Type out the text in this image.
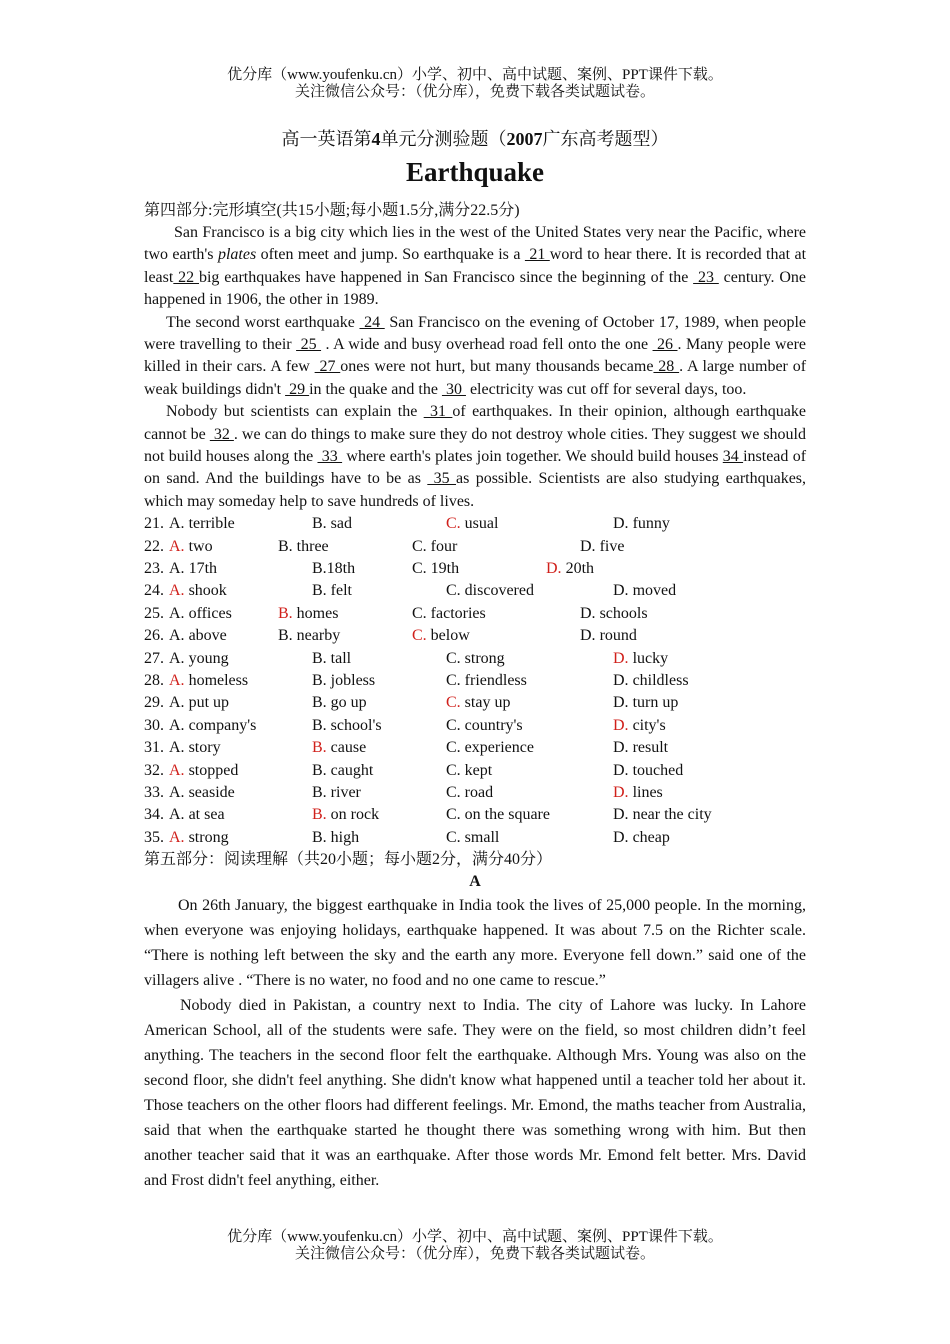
优分库（www.youfenku.cn）小学、初中、高中试题、案例、PPT课件下载。
关注微信公众号：（优分库），免费下载各类试题试卷。
高一英语第4单元分测验题（2007广东高考题型）
Earthquake
第四部分:完形填空(共15小题;每小题1.5分,满分22.5分)

San Francisco is a big city which lies in the west of the United States very near the Pacific, where two earth's plates often meet and jump. So earthquake is a  21 word to hear there. It is recorded that at least 22 big earthquakes have happened in San Francisco since the beginning of the  23  century. One happened in 1906, the other in 1989.

The second worst earthquake  24  San Francisco on the evening of October 17, 1989, when people were travelling to their  25  . A wide and busy overhead road fell onto the one  26 . Many people were killed in their cars. A few  27 ones were not hurt, but many thousands became 28 . A large number of weak buildings didn't  29 in the quake and the  30  electricity was cut off for several days, too.

Nobody but scientists can explain the  31 of earthquakes. In their opinion, although earthquake cannot be  32 . we can do things to make sure they do not destroy whole cities. They suggest we should not build houses along the  33  where earth's plates join together. We should build houses 34 instead of on sand. And the buildings have to be as  35 as possible. Scientists are also studying earthquakes, which may someday help to save hundreds of lives.

21. A. terrible	B. sad	C. usual	D. funny
22. A. two	B. three	C. four	D. five
23. A. 17th	B.18th	C. 19th	D. 20th
24. A. shook	B. felt	C. discovered	D. moved
25. A. offices	B. homes	C. factories	D. schools
26. A. above	B. nearby	C. below	D. round
27. A. young	B. tall	C. strong	D. lucky
28. A. homeless	B. jobless	C. friendless	D. childless
29. A. put up	B. go up	C. stay up	D. turn up
30. A. company's	B. school's	C. country's	D. city's
31. A. story	B. cause	C. experience	D. result
32. A. stopped	B. caught	C. kept	D. touched
33. A. seaside	B. river	C. road	D. lines
34. A. at sea	B. on rock	C. on the square	D. near the city
35. A. strong	B. high	C. small	D. cheap
第五部分：阅读理解（共20小题；每小题2分，满分40分）
A

On 26th January, the biggest earthquake in India took the lives of 25,000 people. In the morning, when everyone was enjoying holidays, earthquake happened. It was about 7.5 on the Richter scale. “There is nothing left between the sky and the earth any more. Everyone fell down.” said one of the villagers alive . “There is no water, no food and no one came to rescue.”

Nobody died in Pakistan, a country next to India. The city of Lahore was lucky. In Lahore American School, all of the students were safe. They were on the field, so most children didn’t feel anything. The teachers in the second floor felt the earthquake. Although Mrs. Young was also on the second floor, she didn't feel anything. She didn't know what happened until a teacher told her about it. Those teachers on the other floors had different feelings. Mr. Emond, the maths teacher from Australia, said that when the earthquake started he thought there was something wrong with him. But then another teacher said that it was an earthquake. After those words Mr. Emond felt better. Mrs. David and Frost didn't feel anything, either.

优分库（www.youfenku.cn）小学、初中、高中试题、案例、PPT课件下载。
关注微信公众号：（优分库），免费下载各类试题试卷。
